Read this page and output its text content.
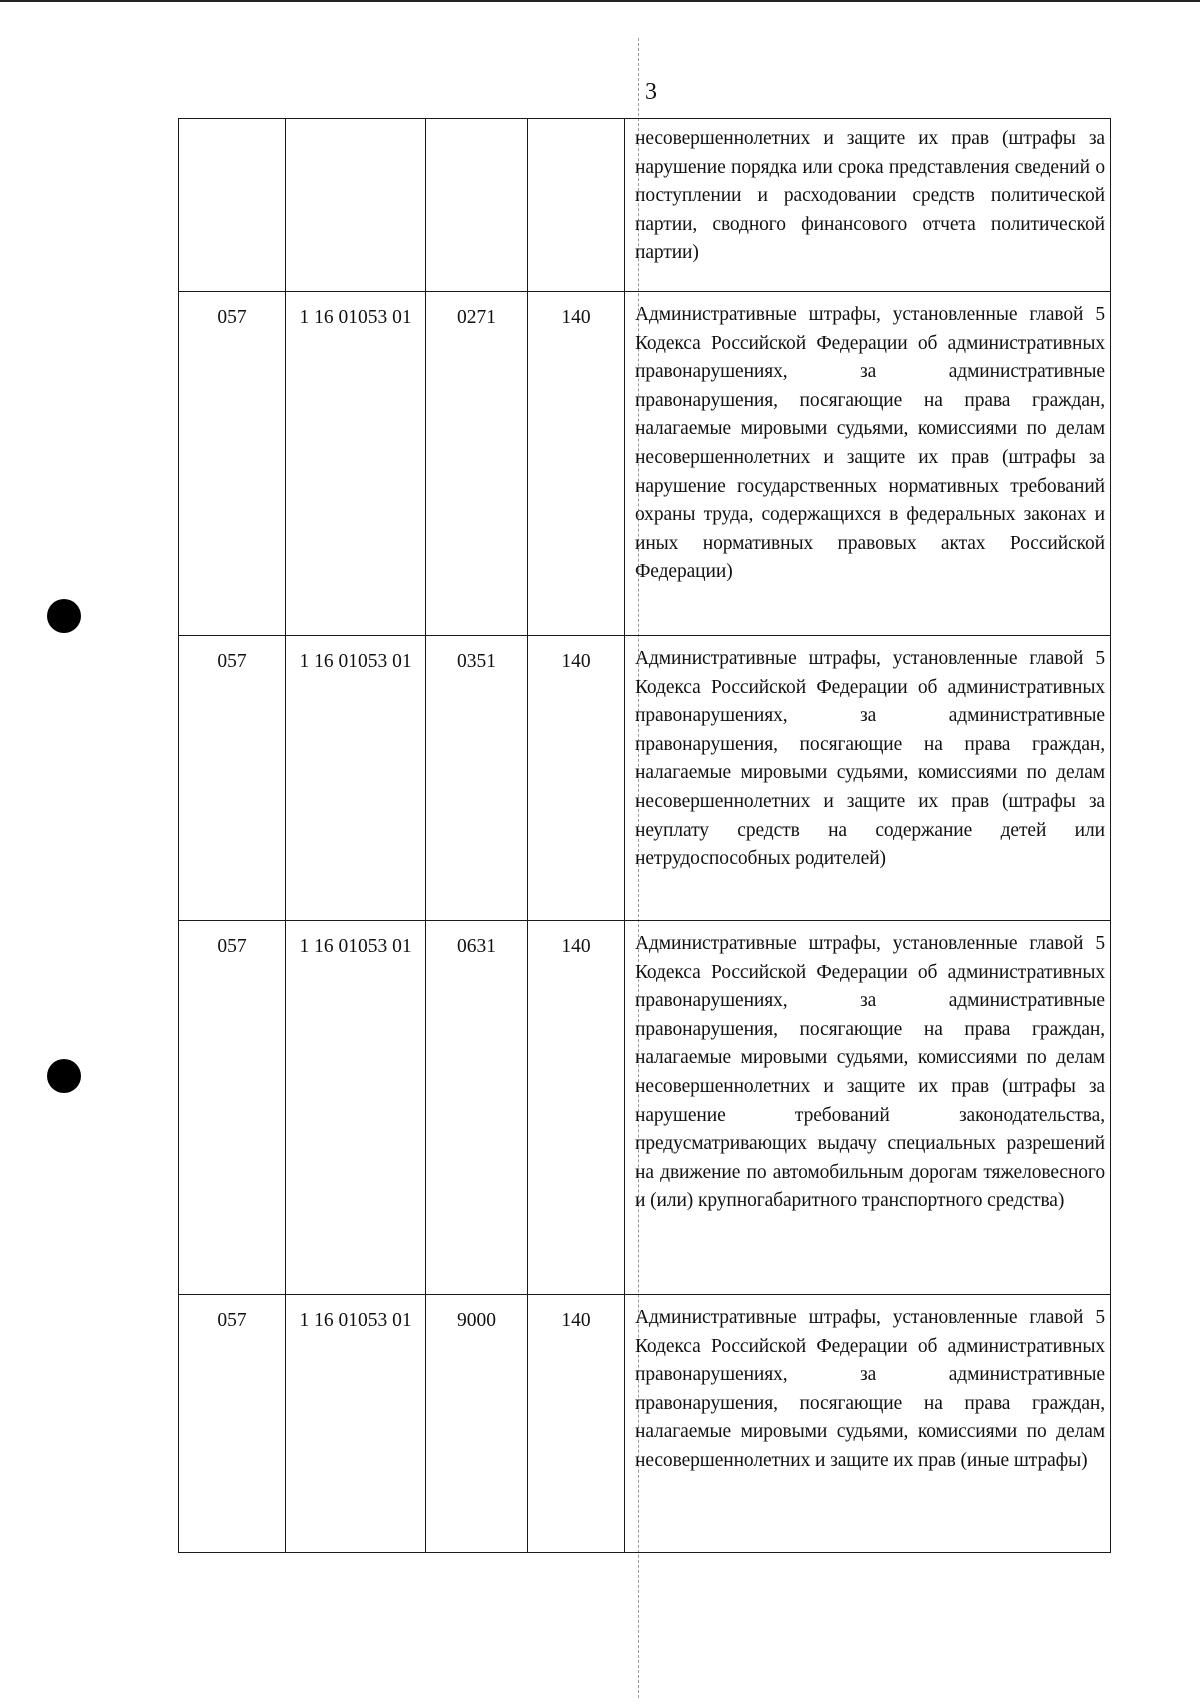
3
				несовершеннолетних и защите их прав (штрафы за нарушение порядка или срока представления сведений о поступлении и расходовании средств политической партии, сводного финансового отчета политической партии)
057	1 16 01053 01	0271	140	Административные штрафы, установленные главой 5 Кодекса Российской Федерации об административных правонарушениях, за административные правонарушения, посягающие на права граждан, налагаемые мировыми судьями, комиссиями по делам несовершеннолетних и защите их прав (штрафы за нарушение государственных нормативных требований охраны труда, содержащихся в федеральных законах и иных нормативных правовых актах Российской Федерации)
057	1 16 01053 01	0351	140	Административные штрафы, установленные главой 5 Кодекса Российской Федерации об административных правонарушениях, за административные правонарушения, посягающие на права граждан, налагаемые мировыми судьями, комиссиями по делам несовершеннолетних и защите их прав (штрафы за неуплату средств на содержание детей или нетрудоспособных родителей)
057	1 16 01053 01	0631	140	Административные штрафы, установленные главой 5 Кодекса Российской Федерации об административных правонарушениях, за административные правонарушения, посягающие на права граждан, налагаемые мировыми судьями, комиссиями по делам несовершеннолетних и защите их прав (штрафы за нарушение требований законодательства, предусматривающих выдачу специальных разрешений на движение по автомобильным дорогам тяжеловесного и (или) крупногабаритного транспортного средства)
057	1 16 01053 01	9000	140	Административные штрафы, установленные главой 5 Кодекса Российской Федерации об административных правонарушениях, за административные правонарушения, посягающие на права граждан, налагаемые мировыми судьями, комиссиями по делам несовершеннолетних и защите их прав (иные штрафы)
